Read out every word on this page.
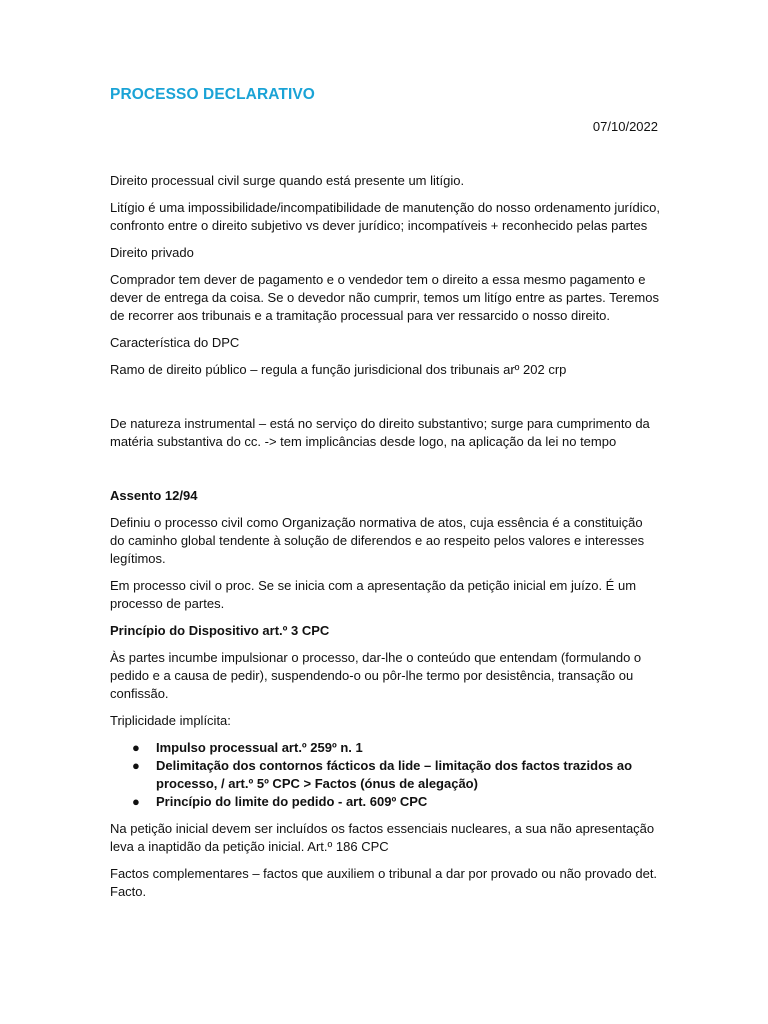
PROCESSO DECLARATIVO

07/10/2022

Direito processual civil surge quando está presente um litígio.

Litígio é uma impossibilidade/incompatibilidade de manutenção do nosso ordenamento jurídico, confronto entre o direito subjetivo vs dever jurídico; incompatíveis + reconhecido pelas partes

Direito privado

Comprador tem dever de pagamento e o vendedor tem o direito a essa mesmo pagamento e dever de entrega da coisa. Se o devedor não cumprir, temos um litígo entre as partes. Teremos de recorrer aos tribunais e a tramitação processual para ver ressarcido o nosso direito.

Característica do DPC

Ramo de direito público – regula a função jurisdicional dos tribunais arº 202 crp

De natureza instrumental – está no serviço do direito substantivo; surge para cumprimento da matéria substantiva do cc. -> tem implicâncias desde logo, na aplicação da lei no tempo

Assento 12/94

Definiu o processo civil como Organização normativa de atos, cuja essência é a constituição do caminho global tendente à solução de diferendos e ao respeito pelos valores e interesses legítimos.

Em processo civil o proc. Se se inicia com a apresentação da petição inicial em juízo. É um processo de partes.

Princípio do Dispositivo art.º 3 CPC

Às partes incumbe impulsionar o processo, dar-lhe o conteúdo que entendam (formulando o pedido e a causa de pedir), suspendendo-o ou pôr-lhe termo por desistência, transação ou confissão.

Triplicidade implícita:

● Impulso processual art.º 259º n. 1
● Delimitação dos contornos fácticos da lide – limitação dos factos trazidos ao processo, / art.º 5º CPC > Factos (ónus de alegação)
● Princípio do limite do pedido - art. 609º CPC

Na petição inicial devem ser incluídos os factos essenciais nucleares, a sua não apresentação leva a inaptidão da petição inicial. Art.º 186 CPC

Factos complementares – factos que auxiliem o tribunal a dar por provado ou não provado det. Facto.
